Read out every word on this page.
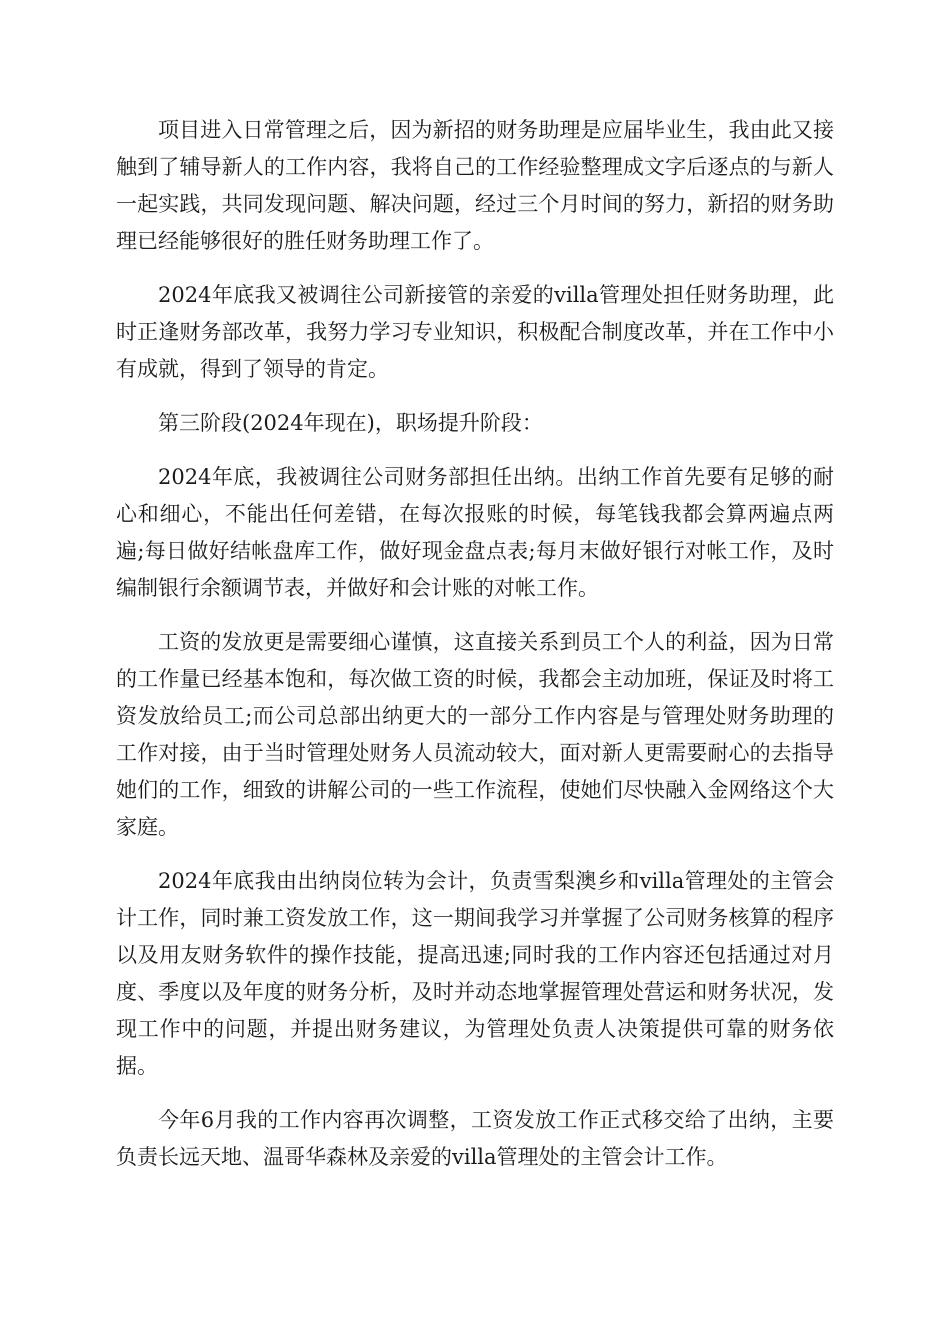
项目进入日常管理之后，因为新招的财务助理是应届毕业生，我由此又接触到了辅导新人的工作内容，我将自己的工作经验整理成文字后逐点的与新人一起实践，共同发现问题、解决问题，经过三个月时间的努力，新招的财务助理已经能够很好的胜任财务助理工作了。

2024年底我又被调往公司新接管的亲爱的villa管理处担任财务助理，此时正逢财务部改革，我努力学习专业知识，积极配合制度改革，并在工作中小有成就，得到了领导的肯定。

第三阶段(2024年现在)，职场提升阶段：

2024年底，我被调往公司财务部担任出纳。出纳工作首先要有足够的耐心和细心，不能出任何差错，在每次报账的时候，每笔钱我都会算两遍点两遍;每日做好结帐盘库工作，做好现金盘点表;每月末做好银行对帐工作，及时编制银行余额调节表，并做好和会计账的对帐工作。

工资的发放更是需要细心谨慎，这直接关系到员工个人的利益，因为日常的工作量已经基本饱和，每次做工资的时候，我都会主动加班，保证及时将工资发放给员工;而公司总部出纳更大的一部分工作内容是与管理处财务助理的工作对接，由于当时管理处财务人员流动较大，面对新人更需要耐心的去指导她们的工作，细致的讲解公司的一些工作流程，使她们尽快融入金网络这个大家庭。

2024年底我由出纳岗位转为会计，负责雪梨澳乡和villa管理处的主管会计工作，同时兼工资发放工作，这一期间我学习并掌握了公司财务核算的程序以及用友财务软件的操作技能，提高迅速;同时我的工作内容还包括通过对月度、季度以及年度的财务分析，及时并动态地掌握管理处营运和财务状况，发现工作中的问题，并提出财务建议，为管理处负责人决策提供可靠的财务依据。

今年6月我的工作内容再次调整，工资发放工作正式移交给了出纳，主要负责长远天地、温哥华森林及亲爱的villa管理处的主管会计工作。
